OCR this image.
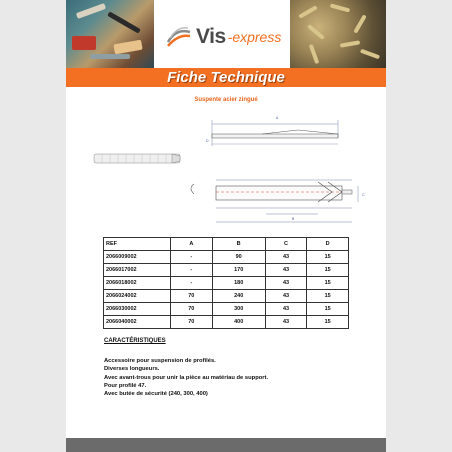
Vis -express
Fiche Technique
Suspente acier zingué
A
B
C
D
REF	A	B	C	D
2066009002	-	90	43	15
2066017002	-	170	43	15
2066018002	-	180	43	15
2066024002	70	240	43	15
2066030002	70	300	43	15
2066040002	70	400	43	15
CARACTÉRISTIQUES
Accessoire pour suspension de profilés.
Diverses longueurs.
Avec avant-trous pour unir la pièce au matériau de support.
Pour profilé 47.
Avec butée de sécurité (240, 300, 400)
